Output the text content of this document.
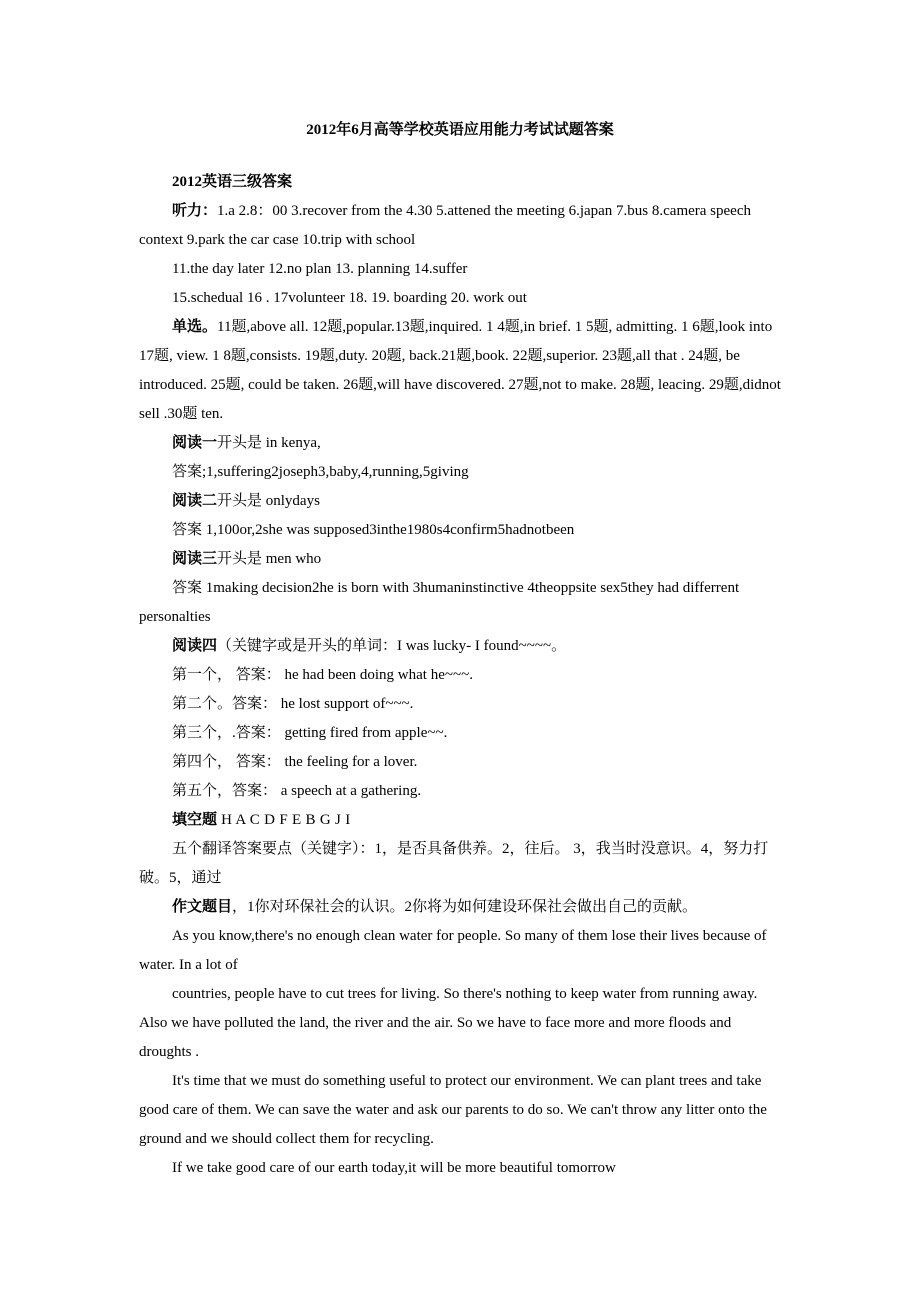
2012年6月高等学校英语应用能力考试试题答案

2012英语三级答案

听力：1.a 2.8：00 3.recover from the 4.30 5.attened the meeting 6.japan 7.bus 8.camera speech context 9.park the car case 10.trip with school

11.the day later 12.no plan 13. planning 14.suffer

15.schedual 16 . 17volunteer 18. 19. boarding 20. work out

单选。11题,above all. 12题,popular.13题,inquired. 1 4题,in brief. 1 5题, admitting. 1 6题,look into 17题, view. 1 8题,consists. 19题,duty. 20题, back.21题,book. 22题,superior. 23题,all that . 24题, be introduced. 25题, could be taken. 26题,will have discovered. 27题,not to make. 28题, leacing. 29题,didnot sell .30题 ten.

阅读一开头是 in kenya,

答案;1,suffering2joseph3,baby,4,running,5giving

阅读二开头是 onlydays

答案 1,100or,2she was supposed3inthe1980s4confirm5hadnotbeen

阅读三开头是 men who

答案 1making decision2he is born with 3humaninstinctive 4theoppsite sex5they had differrent personalties

阅读四（关键字或是开头的单词：I was lucky- I found~~~~。

第一个， 答案： he had been doing what he~~~.

第二个。答案： he lost support of~~~.

第三个，.答案： getting fired from apple~~.

第四个， 答案： the feeling for a lover.

第五个，答案： a speech at a gathering.

填空题 H A C D F E B G J I

五个翻译答案要点（关键字）：1，是否具备供养。2，往后。 3，我当时没意识。4，努力打破。5，通过

作文题目，1你对环保社会的认识。2你将为如何建设环保社会做出自己的贡献。

As you know,there's no enough clean water for people. So many of them lose their lives because of water. In a lot of

countries, people have to cut trees for living. So there's nothing to keep water from running away. Also we have polluted the land, the river and the air. So we have to face more and more floods and droughts .

It's time that we must do something useful to protect our environment. We can plant trees and take good care of them. We can save the water and ask our parents to do so. We can't throw any litter onto the ground and we should collect them for recycling.

If we take good care of our earth today,it will be more beautiful tomorrow
